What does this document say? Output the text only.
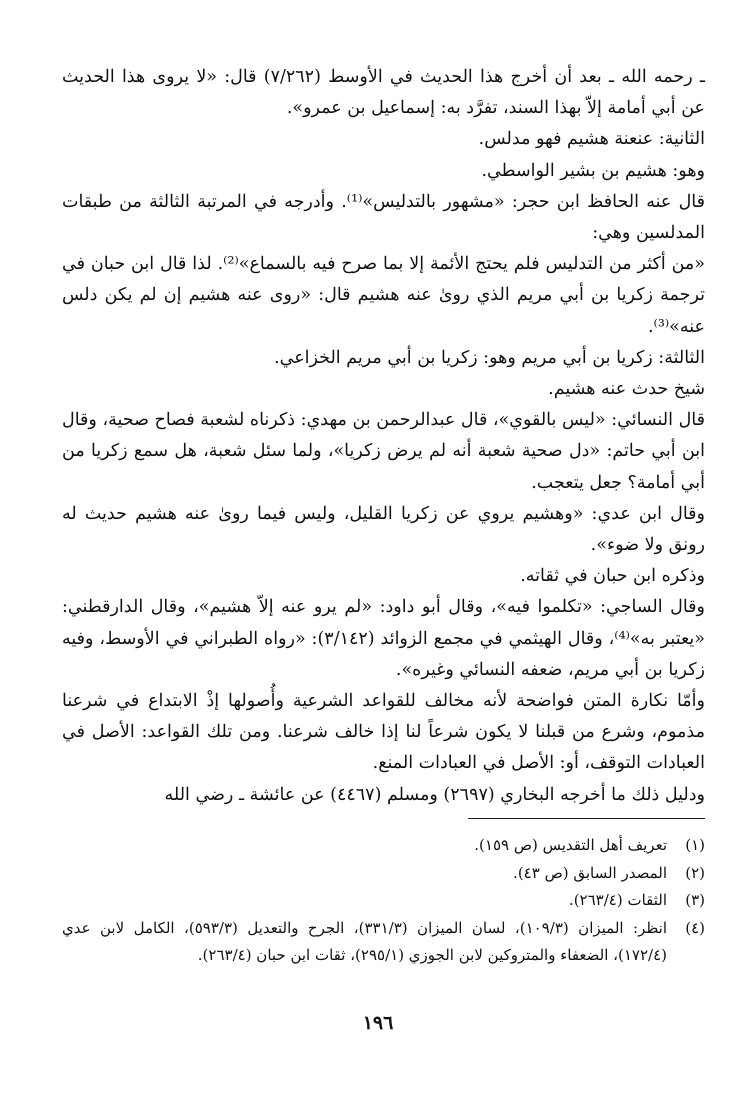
ـ رحمه الله ـ بعد أن أخرج هذا الحديث في الأوسط (٧/٢٦٢) قال: «لا يروى هذا الحديث عن أبي أمامة إلاّ بهذا السند، تفرَّد به: إسماعيل بن عمرو».

الثانية: عنعنة هشيم فهو مدلس.

وهو: هشيم بن بشير الواسطي.

قال عنه الحافظ ابن حجر: «مشهور بالتدليس»⁽¹⁾. وأدرجه في المرتبة الثالثة من طبقات المدلسين وهي:

«من أكثر من التدليس فلم يحتج الأئمة إلا بما صرح فيه بالسماع»⁽²⁾. لذا قال ابن حبان في ترجمة زكريا بن أبي مريم الذي روىٰ عنه هشيم قال: «روى عنه هشيم إن لم يكن دلس عنه»⁽³⁾.

الثالثة: زكريا بن أبي مريم وهو: زكريا بن أبي مريم الخزاعي.

شيخ حدث عنه هشيم.

قال النسائي: «ليس بالقوي»، قال عبدالرحمن بن مهدي: ذكرناه لشعبة فصاح صحية، وقال ابن أبي حاتم: «دل صحية شعبة أنه لم يرض زكريا»، ولما سئل شعبة، هل سمع زكريا من أبي أمامة؟ جعل يتعجب.

وقال ابن عدي: «وهشيم يروي عن زكريا القليل، وليس فيما روىٰ عنه هشيم حديث له رونق ولا ضوء».

وذكره ابن حبان في ثقاته.

وقال الساجي: «تكلموا فيه»، وقال أبو داود: «لم يرو عنه إلاّ هشيم»، وقال الدارقطني: «يعتبر به»⁽⁴⁾، وقال الهيثمي في مجمع الزوائد (٣/١٤٢): «رواه الطبراني في الأوسط، وفيه زكريا بن أبي مريم، ضعفه النسائي وغيره».

وأمّا نكارة المتن فواضحة لأنه مخالف للقواعد الشرعية وأُصولها إذْ الابتداع في شرعنا مذموم، وشرع من قبلنا لا يكون شرعاً لنا إذا خالف شرعنا. ومن تلك القواعد: الأصل في العبادات التوقف، أو: الأصل في العبادات المنع.

ودليل ذلك ما أخرجه البخاري (٢٦٩٧) ومسلم (٤٤٦٧) عن عائشة ـ رضي الله

(١)
تعريف أهل التقديس (ص ١٥٩).
(٢)
المصدر السابق (ص ٤٣).
(٣)
الثقات (٢٦٣/٤).
(٤)
انظر: الميزان (١٠٩/٣)، لسان الميزان (٣٣١/٣)، الجرح والتعديل (٥٩٣/٣)، الكامل لابن عدي (١٧٢/٤)، الضعفاء والمتروكين لابن الجوزي (٢٩٥/١)، ثقات ابن حبان (٢٦٣/٤).
١٩٦
